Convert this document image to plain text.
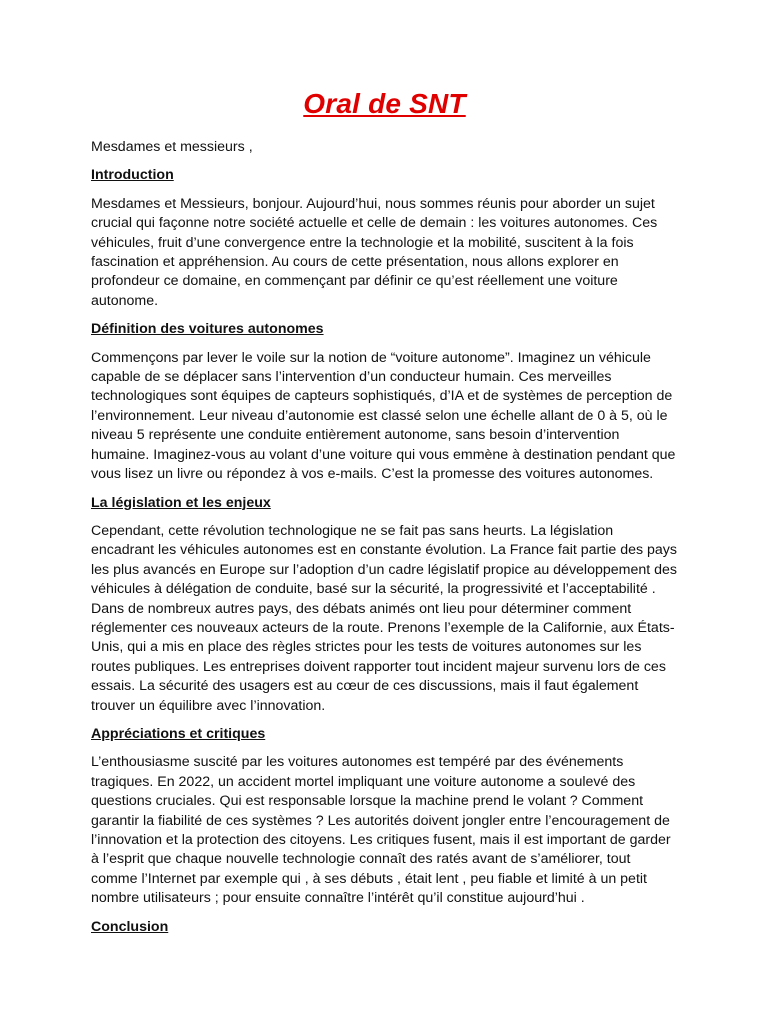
Oral de SNT

Mesdames et messieurs ,

Introduction

Mesdames et Messieurs, bonjour. Aujourd’hui, nous sommes réunis pour aborder un sujet crucial qui façonne notre société actuelle et celle de demain : les voitures autonomes. Ces véhicules, fruit d’une convergence entre la technologie et la mobilité, suscitent à la fois fascination et appréhension. Au cours de cette présentation, nous allons explorer en profondeur ce domaine, en commençant par définir ce qu’est réellement une voiture autonome.

Définition des voitures autonomes

Commençons par lever le voile sur la notion de “voiture autonome”. Imaginez un véhicule capable de se déplacer sans l’intervention d’un conducteur humain. Ces merveilles technologiques sont équipes de capteurs sophistiqués, d’IA et de systèmes de perception de l’environnement. Leur niveau d’autonomie est classé selon une échelle allant de 0 à 5, où le niveau 5 représente une conduite entièrement autonome, sans besoin d’intervention humaine. Imaginez-vous au volant d’une voiture qui vous emmène à destination pendant que vous lisez un livre ou répondez à vos e-mails. C’est la promesse des voitures autonomes.

La législation et les enjeux

Cependant, cette révolution technologique ne se fait pas sans heurts. La législation encadrant les véhicules autonomes est en constante évolution. La France fait partie des pays les plus avancés en Europe sur l’adoption d’un cadre législatif propice au développement des véhicules à délégation de conduite, basé sur la sécurité, la progressivité et l’acceptabilité . Dans de nombreux autres pays, des débats animés ont lieu pour déterminer comment réglementer ces nouveaux acteurs de la route. Prenons l’exemple de la Californie, aux États-Unis, qui a mis en place des règles strictes pour les tests de voitures autonomes sur les routes publiques. Les entreprises doivent rapporter tout incident majeur survenu lors de ces essais. La sécurité des usagers est au cœur de ces discussions, mais il faut également trouver un équilibre avec l’innovation.

Appréciations et critiques

L’enthousiasme suscité par les voitures autonomes est tempéré par des événements tragiques. En 2022, un accident mortel impliquant une voiture autonome a soulevé des questions cruciales. Qui est responsable lorsque la machine prend le volant ? Comment garantir la fiabilité de ces systèmes ? Les autorités doivent jongler entre l’encouragement de l’innovation et la protection des citoyens. Les critiques fusent, mais il est important de garder à l’esprit que chaque nouvelle technologie connaît des ratés avant de s’améliorer, tout comme l’Internet par exemple qui , à ses débuts , était lent , peu fiable et limité à un petit nombre utilisateurs ; pour ensuite connaître l’intérêt qu’il constitue aujourd’hui .

Conclusion
